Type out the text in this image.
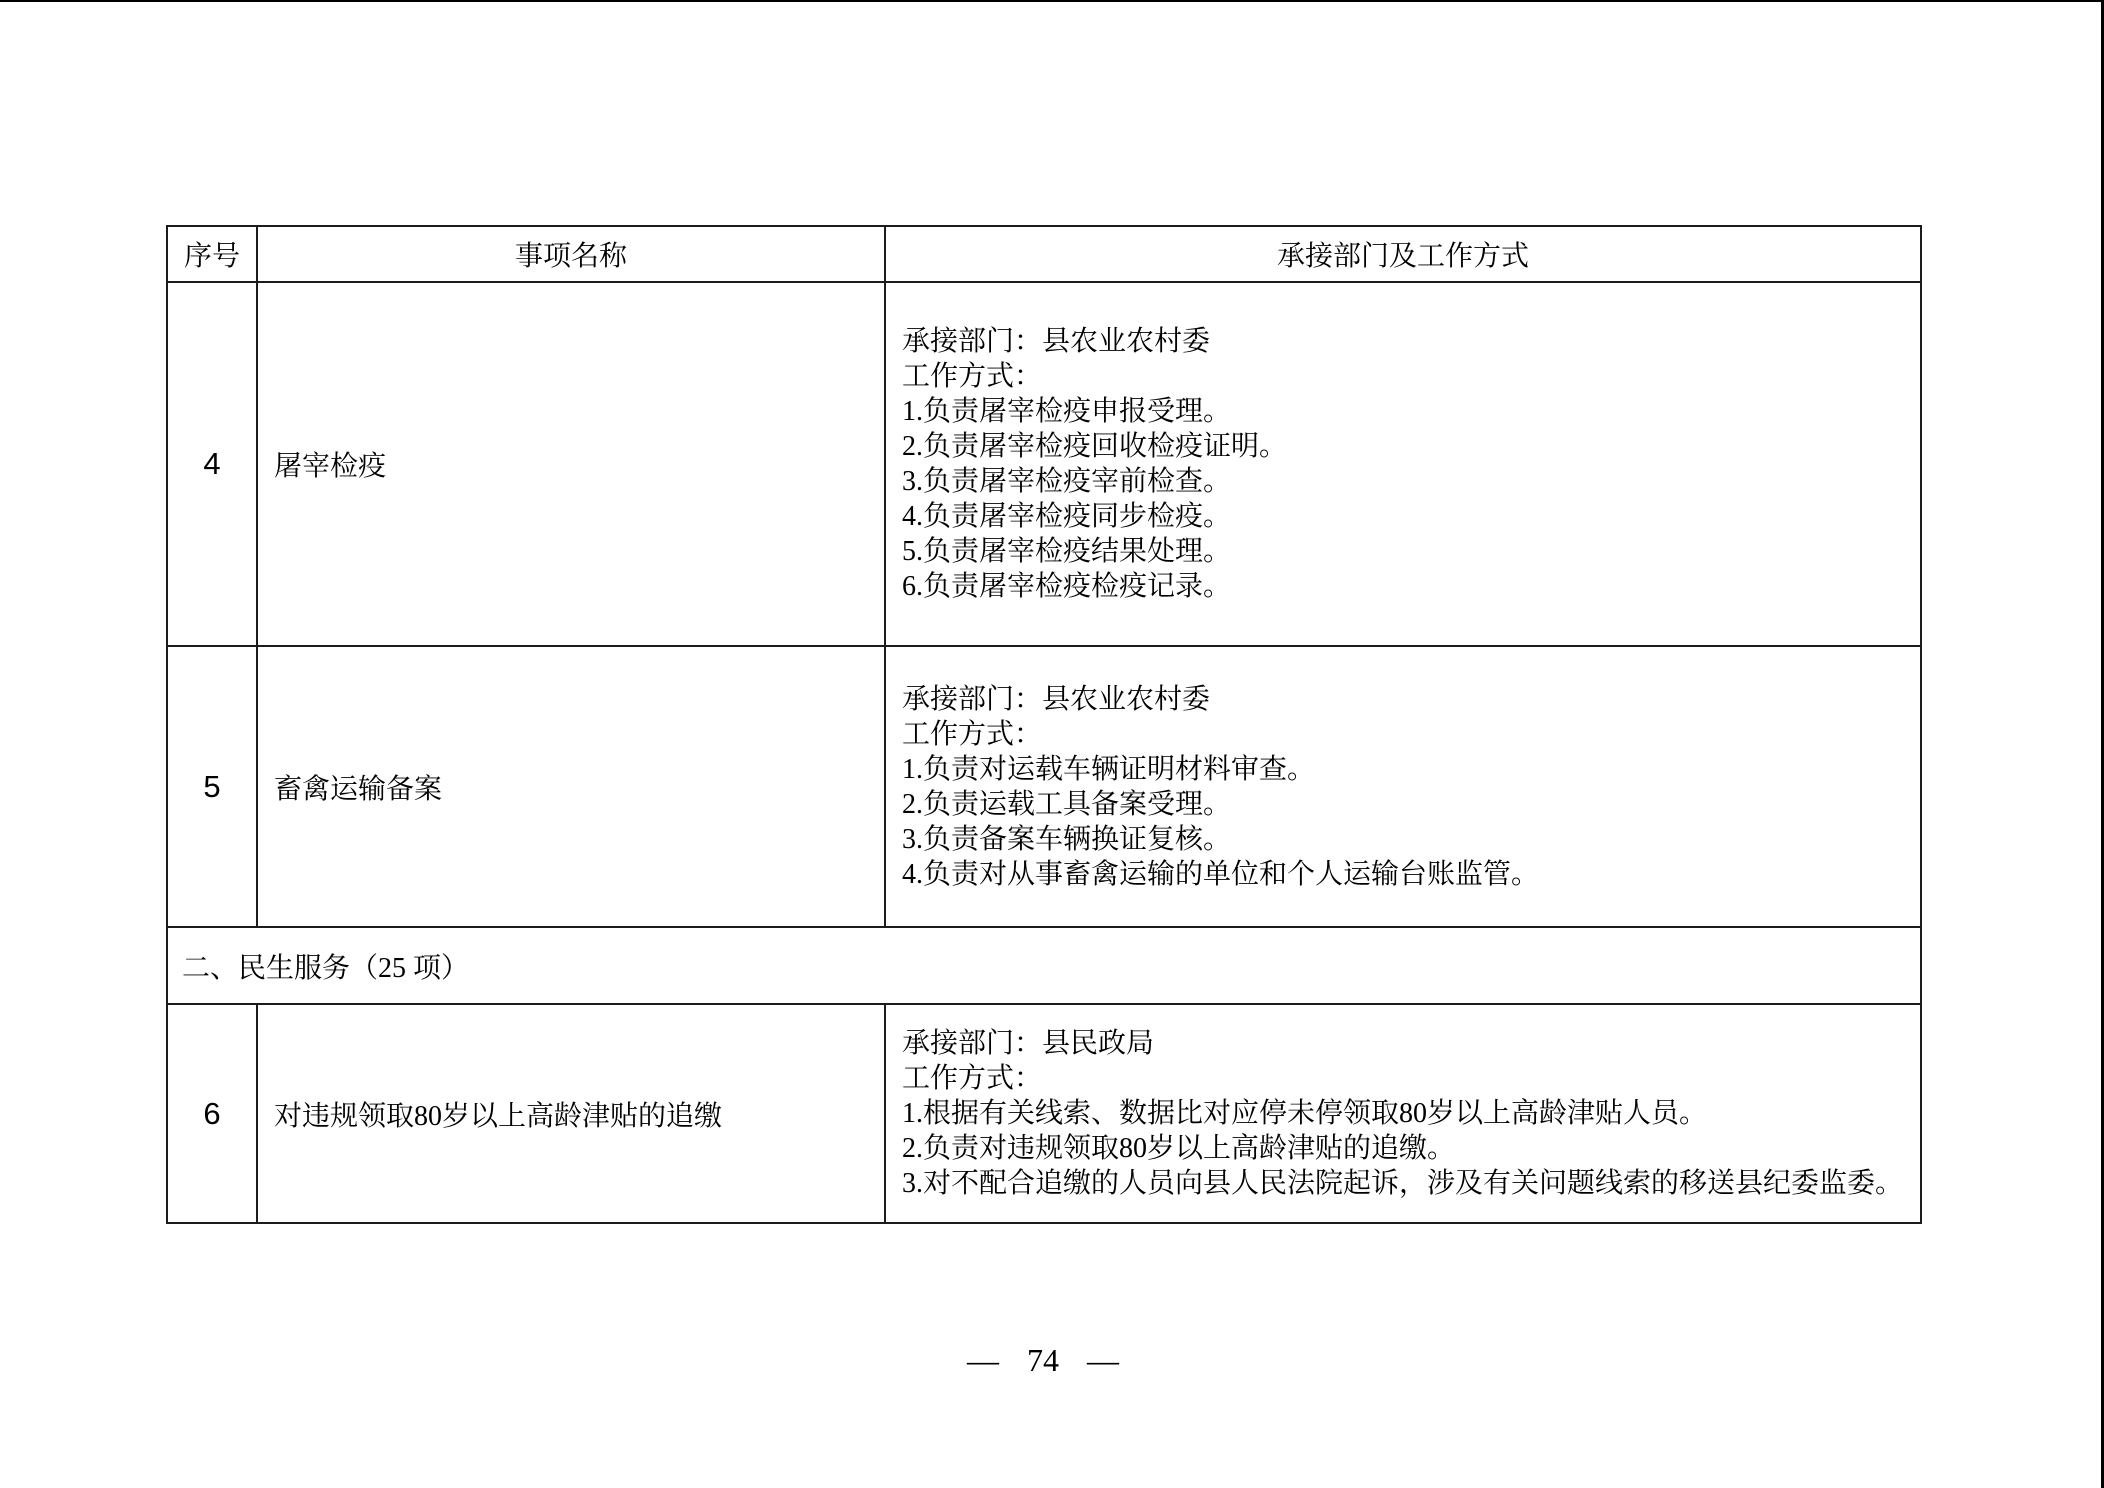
序号	事项名称	承接部门及工作方式
4	屠宰检疫	
承接部门：县农业农村委
工作方式：
1.负责屠宰检疫申报受理。
2.负责屠宰检疫回收检疫证明。
3.负责屠宰检疫宰前检查。
4.负责屠宰检疫同步检疫。
5.负责屠宰检疫结果处理。
6.负责屠宰检疫检疫记录。

5	畜禽运输备案	
承接部门：县农业农村委
工作方式：
1.负责对运载车辆证明材料审查。
2.负责运载工具备案受理。
3.负责备案车辆换证复核。
4.负责对从事畜禽运输的单位和个人运输台账监管。

二、民生服务（25 项）		
6	对违规领取80岁以上高龄津贴的追缴	承接部门：县民政局
工作方式：
1.根据有关线索、数据比对应停未停领取80岁以上高龄津贴人员。
2.负责对违规领取80岁以上高龄津贴的追缴。
3.对不配合追缴的人员向县人民法院起诉，涉及有关问题线索的移送县纪委监委。
— 74 —
